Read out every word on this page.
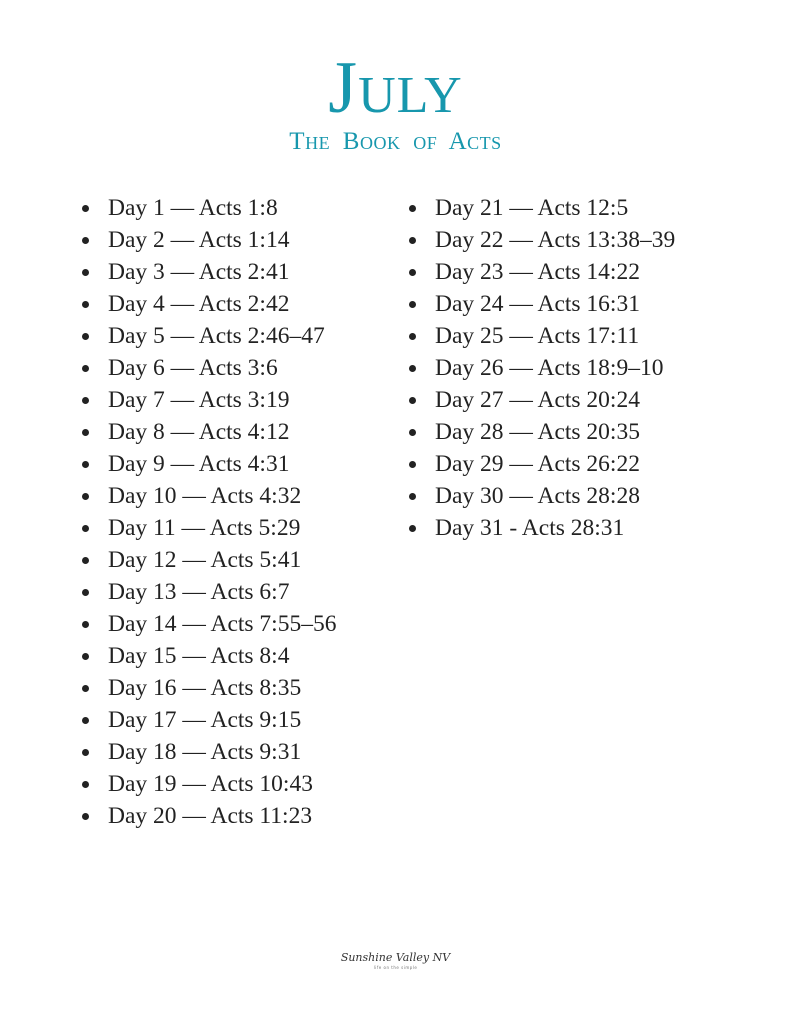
July
The Book of Acts
Day 1 — Acts 1:8
Day 2 — Acts 1:14
Day 3 — Acts 2:41
Day 4 — Acts 2:42
Day 5 — Acts 2:46–47
Day 6 — Acts 3:6
Day 7 — Acts 3:19
Day 8 — Acts 4:12
Day 9 — Acts 4:31
Day 10 — Acts 4:32
Day 11 — Acts 5:29
Day 12 — Acts 5:41
Day 13 — Acts 6:7
Day 14 — Acts 7:55–56
Day 15 — Acts 8:4
Day 16 — Acts 8:35
Day 17 — Acts 9:15
Day 18 — Acts 9:31
Day 19 — Acts 10:43
Day 20 — Acts 11:23
Day 21 — Acts 12:5
Day 22 — Acts 13:38–39
Day 23 — Acts 14:22
Day 24 — Acts 16:31
Day 25 — Acts 17:11
Day 26 — Acts 18:9–10
Day 27 — Acts 20:24
Day 28 — Acts 20:35
Day 29 — Acts 26:22
Day 30 — Acts 28:28
Day 31 - Acts 28:31
Sunshine Valley NV
life on the simple
